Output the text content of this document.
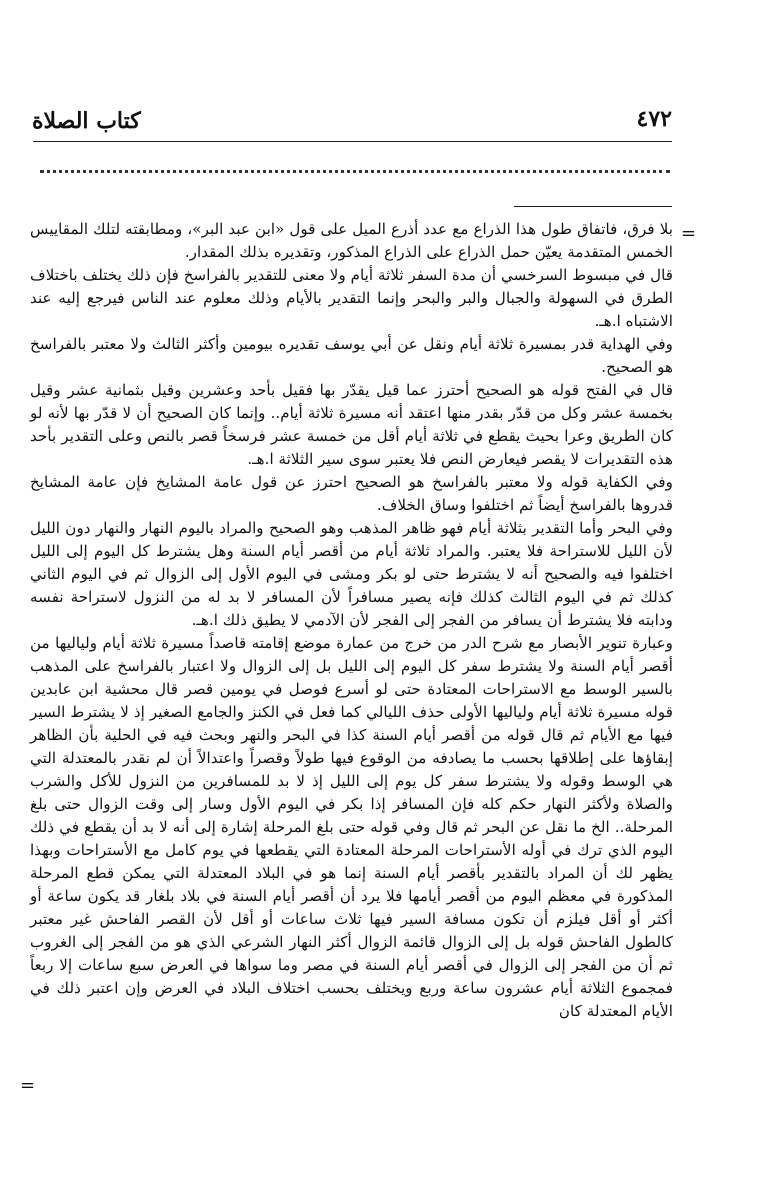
كتاب الصلاة	٤٧٢
=

بلا فرق، فاتفاق طول هذا الذراع مع عدد أذرع الميل على قول «ابن عبد البر»، ومطابقته لتلك المقاييس الخمس المتقدمة يعيّن حمل الذراع على الذراع المذكور، وتقديره بذلك المقدار.

قال في مبسوط السرخسي أن مدة السفر ثلاثة أيام ولا معنى للتقدير بالفراسخ فإن ذلك يختلف باختلاف الطرق في السهولة والجبال والبر والبحر وإنما التقدير بالأيام وذلك معلوم عند الناس فيرجع إليه عند الاشتباه ا.هـ.

وفي الهداية قدر بمسيرة ثلاثة أيام ونقل عن أبي يوسف تقديره بيومين وأكثر الثالث ولا معتبر بالفراسخ هو الصحيح.

قال في الفتح قوله هو الصحيح أحترز عما قيل يقدّر بها فقيل بأحد وعشرين وقيل بثمانية عشر وقيل بخمسة عشر وكل من قدّر بقدر منها اعتقد أنه مسيرة ثلاثة أيام.. وإنما كان الصحيح أن لا قدّر بها لأنه لو كان الطريق وعرا بحيث يقطع في ثلاثة أيام أقل من خمسة عشر فرسخاً قصر بالنص وعلى التقدير بأحد هذه التقديرات لا يقصر فيعارض النص فلا يعتبر سوى سير الثلاثة ا.هـ.

وفي الكفاية قوله ولا معتبر بالفراسخ هو الصحيح احترز عن قول عامة المشايخ فإن عامة المشايخ قدروها بالفراسخ أيضاً ثم اختلفوا وساق الخلاف.

وفي البحر وأما التقدير بثلاثة أيام فهو ظاهر المذهب وهو الصحيح والمراد باليوم النهار والنهار دون الليل لأن الليل للاستراحة فلا يعتبر. والمراد ثلاثة أيام من أقصر أيام السنة وهل يشترط كل اليوم إلى الليل اختلفوا فيه والصحيح أنه لا يشترط حتى لو بكر ومشى في اليوم الأول إلى الزوال ثم في اليوم الثاني كذلك ثم في اليوم الثالث كذلك فإنه يصير مسافراً لأن المسافر لا بد له من النزول لاستراحة نفسه ودابته فلا يشترط أن يسافر من الفجر إلى الفجر لأن الآدمي لا يطيق ذلك ا.هـ.

وعبارة تنوير الأبصار مع شرح الدر من خرج من عمارة موضع إقامته قاصداً مسيرة ثلاثة أيام ولياليها من أقصر أيام السنة ولا يشترط سفر كل اليوم إلى الليل بل إلى الزوال ولا اعتبار بالفراسخ على المذهب بالسير الوسط مع الاستراحات المعتادة حتى لو أسرع فوصل في يومين قصر قال محشية ابن عابدين قوله مسيرة ثلاثة أيام ولياليها الأولى حذف الليالي كما فعل في الكنز والجامع الصغير إذ لا يشترط السير فيها مع الأيام ثم قال قوله من أقصر أيام السنة كذا في البحر والنهر وبحث فيه في الحلية بأن الظاهر إبقاؤها على إطلاقها بحسب ما يصادفه من الوقوع فيها طولاً وقصراً واعتدالاً أن لم نقدر بالمعتدلة التي هي الوسط وقوله ولا يشترط سفر كل يوم إلى الليل إذ لا بد للمسافرين من النزول للأكل والشرب والصلاة ولأكثر النهار حكم كله فإن المسافر إذا بكر في اليوم الأول وسار إلى وقت الزوال حتى بلغ المرحلة.. الخ ما نقل عن البحر ثم قال وفي قوله حتى بلغ المرحلة إشارة إلى أنه لا بد أن يقطع في ذلك اليوم الذي ترك في أوله الأستراحات المرحلة المعتادة التي يقطعها في يوم كامل مع الأستراحات وبهذا يظهر لك أن المراد بالتقدير بأقصر أيام السنة إنما هو في البلاد المعتدلة التي يمكن قطع المرحلة المذكورة في معظم اليوم من أقصر أيامها فلا يرد أن أقصر أيام السنة في بلاد بلغار قد يكون ساعة أو أكثر أو أقل فيلزم أن تكون مسافة السير فيها ثلاث ساعات أو أقل لأن القصر الفاحش غير معتبر كالطول الفاحش قوله بل إلى الزوال قائمة الزوال أكثر النهار الشرعي الذي هو من الفجر إلى الغروب ثم أن من الفجر إلى الزوال في أقصر أيام السنة في مصر وما سواها في العرض سبع ساعات إلا ربعاً فمجموع الثلاثة أيام عشرون ساعة وربع ويختلف بحسب اختلاف البلاد في العرض وإن اعتبر ذلك في الأيام المعتدلة كان

=
